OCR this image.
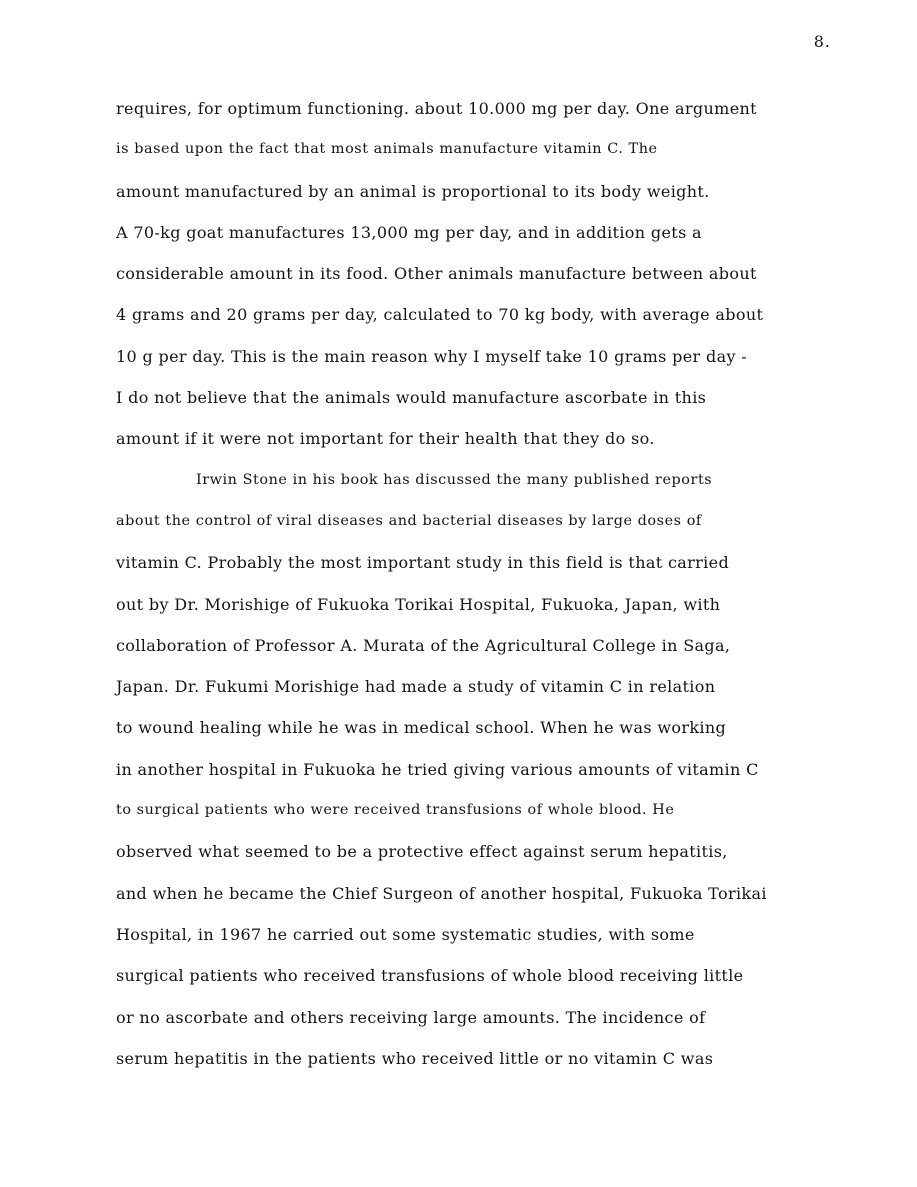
8.
requires, for optimum functioning. about 10.000 mg per day. One argument
is based upon the fact that most animals manufacture vitamin C. The
amount manufactured by an animal is proportional to its body weight.
A 70-kg goat manufactures 13,000 mg per day, and in addition gets a
considerable amount in its food. Other animals manufacture between about
4 grams and 20 grams per day, calculated to 70 kg body, with average about
10 g per day. This is the main reason why I myself take 10 grams per day -
I do not believe that the animals would manufacture ascorbate in this
amount if it were not important for their health that they do so.
Irwin Stone in his book has discussed the many published reports
about the control of viral diseases and bacterial diseases by large doses of
vitamin C. Probably the most important study in this field is that carried
out by Dr. Morishige of Fukuoka Torikai Hospital, Fukuoka, Japan, with
collaboration of Professor A. Murata of the Agricultural College in Saga,
Japan. Dr. Fukumi Morishige had made a study of vitamin C in relation
to wound healing while he was in medical school. When he was working
in another hospital in Fukuoka he tried giving various amounts of vitamin C
to surgical patients who were received transfusions of whole blood. He
observed what seemed to be a protective effect against serum hepatitis,
and when he became the Chief Surgeon of another hospital, Fukuoka Torikai
Hospital, in 1967 he carried out some systematic studies, with some
surgical patients who received transfusions of whole blood receiving little
or no ascorbate and others receiving large amounts. The incidence of
serum hepatitis in the patients who received little or no vitamin C was
